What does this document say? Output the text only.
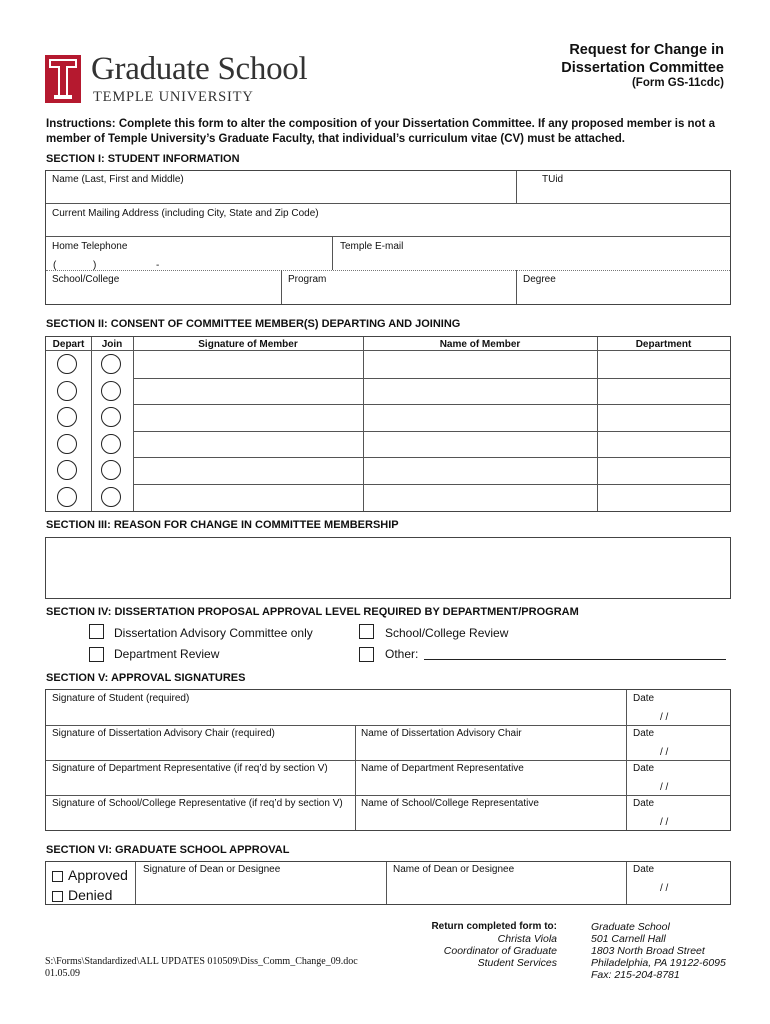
Graduate School
TEMPLE UNIVERSITY
Request for Change in
Dissertation Committee
(Form GS-11cdc)
Instructions: Complete this form to alter the composition of your Dissertation Committee. If any proposed member is not a member of Temple University’s Graduate Faculty, that individual’s curriculum vitae (CV) must be attached.
SECTION I: STUDENT INFORMATION
Name (Last, First and Middle)	TUid
Current Mailing Address (including City, State and Zip Code)
Home Telephone	Temple E-mail
(	)	-
School/College	Program	Degree
SECTION II: CONSENT OF COMMITTEE MEMBER(S) DEPARTING AND JOINING
Depart	Join	Signature of Member	Name of Member	Department
SECTION III: REASON FOR CHANGE IN COMMITTEE MEMBERSHIP
SECTION IV: DISSERTATION PROPOSAL APPROVAL LEVEL REQUIRED BY DEPARTMENT/PROGRAM
Dissertation Advisory Committee only	School/College Review
Department Review	Other:
SECTION V: APPROVAL SIGNATURES
Signature of Student (required)	Date
/ /
Signature of Dissertation Advisory Chair (required)	Name of Dissertation Advisory Chair	Date
/ /
Signature of Department Representative (if req’d by section V)	Name of Department Representative	Date
/ /
Signature of School/College Representative (if req’d by section V) Name of School/College Representative	Date
/ /
SECTION VI: GRADUATE SCHOOL APPROVAL
Approved
Denied
Signature of Dean or Designee	Name of Dean or Designee	Date
/ /
Return completed form to:
Christa Viola
Coordinator of Graduate
Student Services
Graduate School
501 Carnell Hall
1803 North Broad Street
Philadelphia, PA 19122-6095
Fax: 215-204-8781
S:\Forms\Standardized\ALL UPDATES 010509\Diss_Comm_Change_09.doc
01.05.09
